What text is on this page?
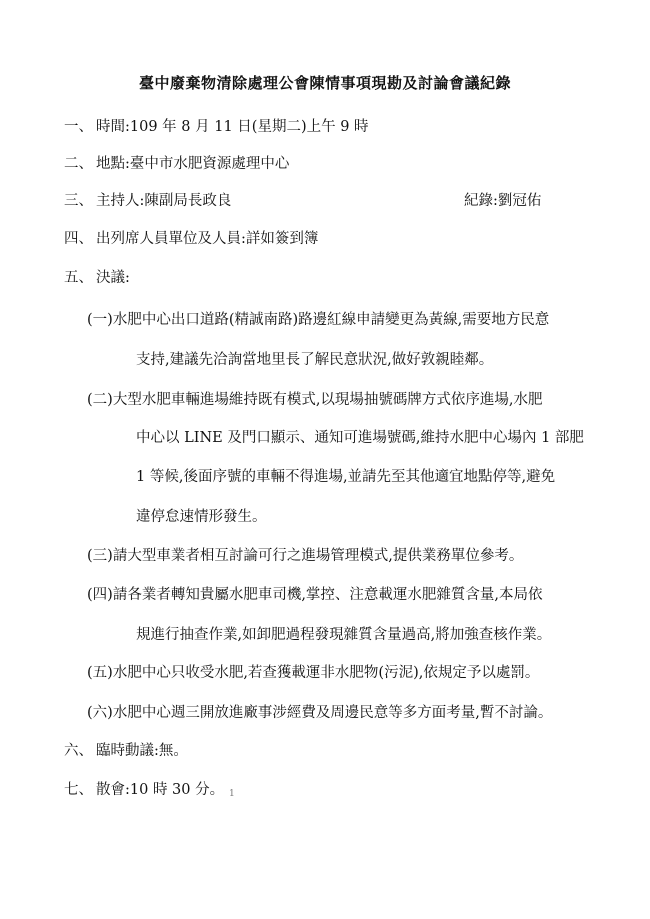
臺中廢棄物清除處理公會陳情事項現勘及討論會議紀錄
一、 時間:109 年 8 月 11 日(星期二)上午 9 時
二、 地點:臺中市水肥資源處理中心
三、 主持人:陳副局長政良	紀錄:劉冠佑
四、 出列席人員單位及人員:詳如簽到簿
五、 決議:
(一)水肥中心出口道路(精誠南路)路邊紅線申請變更為黃線,需要地方民意
支持,建議先洽詢當地里長了解民意狀況,做好敦親睦鄰。
(二)大型水肥車輛進場維持既有模式,以現場抽號碼牌方式依序進場,水肥
中心以 LINE 及門口顯示、通知可進場號碼,維持水肥中心場內 1 部肥
1 等候,後面序號的車輛不得進場,並請先至其他適宜地點停等,避免
違停怠速情形發生。
(三)請大型車業者相互討論可行之進場管理模式,提供業務單位參考。
(四)請各業者轉知貴屬水肥車司機,掌控、注意載運水肥雜質含量,本局依
規進行抽查作業,如卸肥過程發現雜質含量過高,將加強查核作業。
(五)水肥中心只收受水肥,若查獲載運非水肥物(污泥),依規定予以處罰。
(六)水肥中心週三開放進廠事涉經費及周邊民意等多方面考量,暫不討論。
六、 臨時動議:無。
七、 散會:10 時 30 分。 1
